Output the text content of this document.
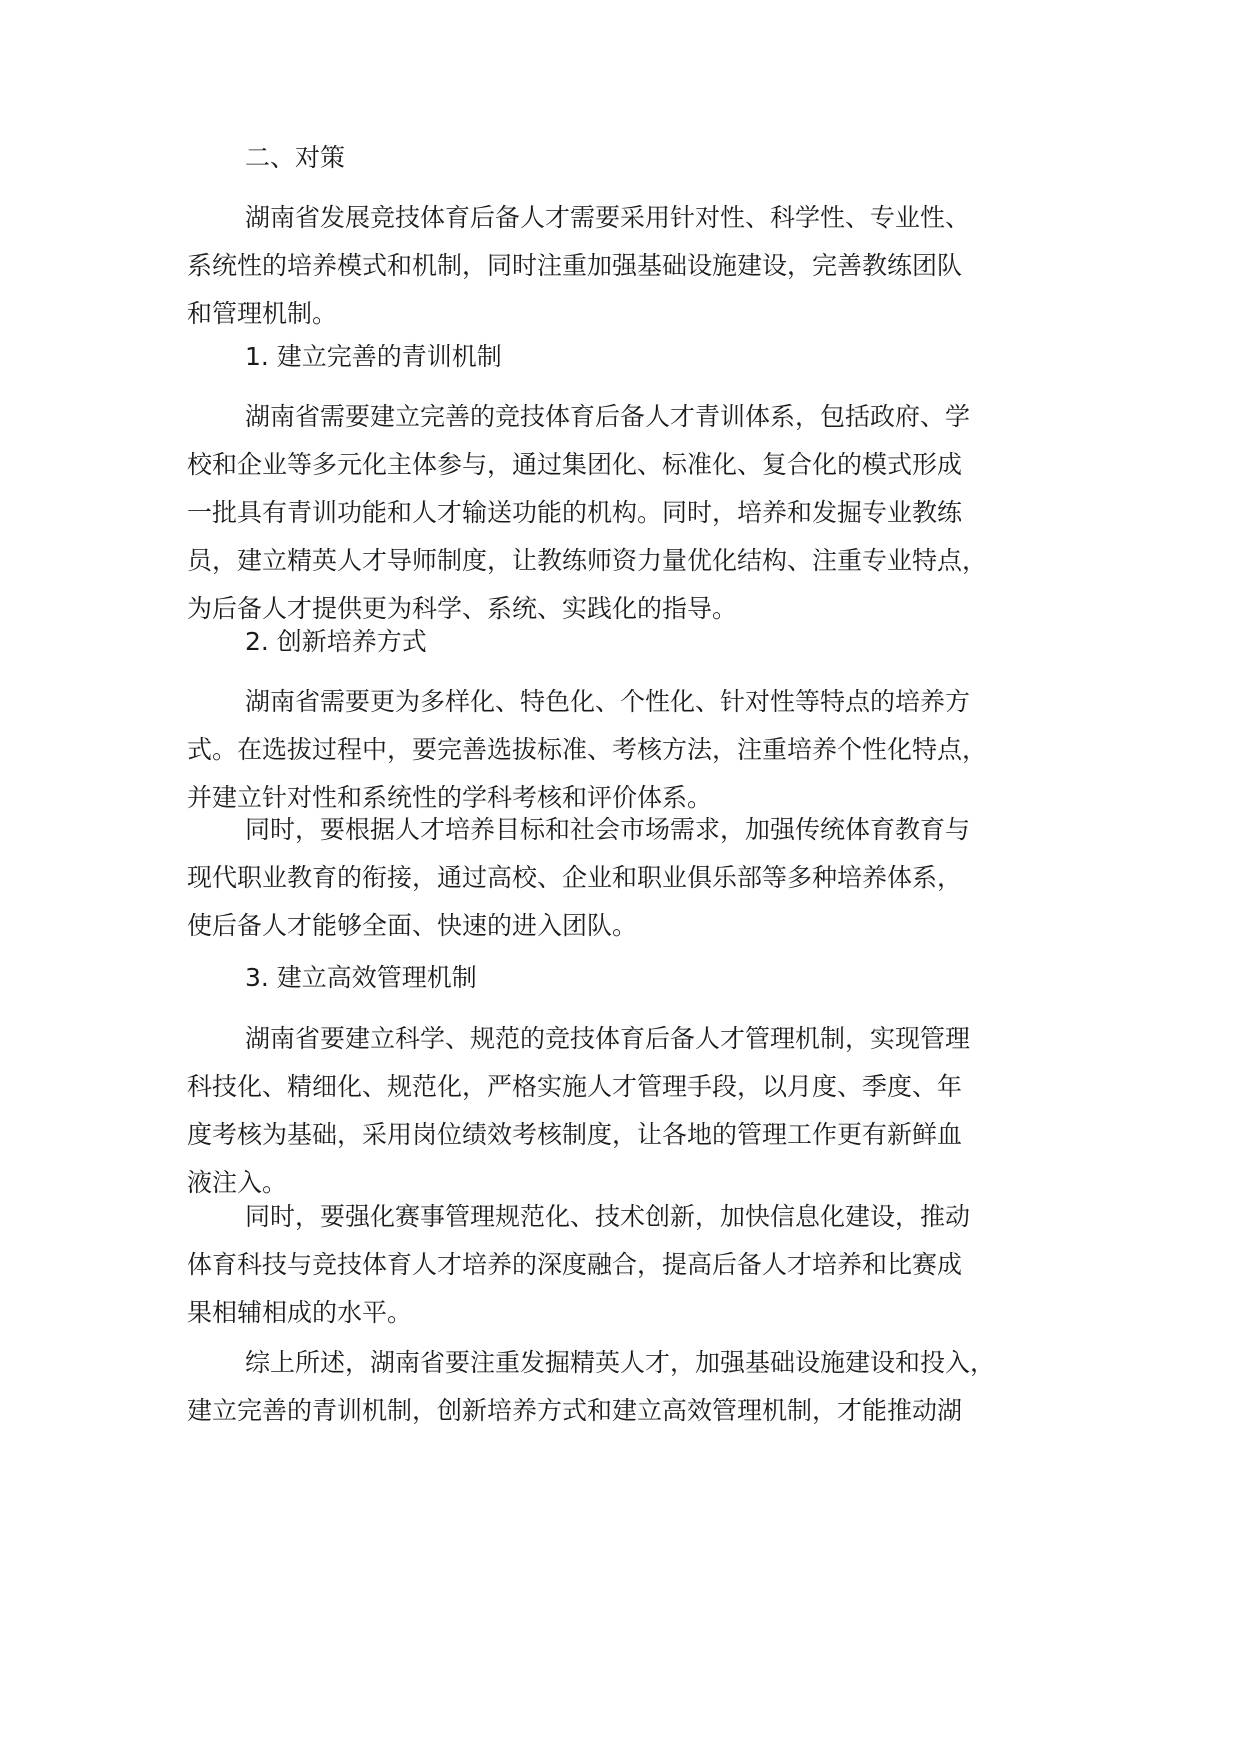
二、对策
湖南省发展竞技体育后备人才需要采用针对性、科学性、专业性、
系统性的培养模式和机制，同时注重加强基础设施建设，完善教练团队
和管理机制。
1. 建立完善的青训机制
湖南省需要建立完善的竞技体育后备人才青训体系，包括政府、学
校和企业等多元化主体参与，通过集团化、标准化、复合化的模式形成
一批具有青训功能和人才输送功能的机构。同时，培养和发掘专业教练
员，建立精英人才导师制度，让教练师资力量优化结构、注重专业特点，
为后备人才提供更为科学、系统、实践化的指导。
2. 创新培养方式
湖南省需要更为多样化、特色化、个性化、针对性等特点的培养方
式。在选拔过程中，要完善选拔标准、考核方法，注重培养个性化特点，
并建立针对性和系统性的学科考核和评价体系。
同时，要根据人才培养目标和社会市场需求，加强传统体育教育与
现代职业教育的衔接，通过高校、企业和职业俱乐部等多种培养体系，
使后备人才能够全面、快速的进入团队。
3. 建立高效管理机制
湖南省要建立科学、规范的竞技体育后备人才管理机制，实现管理
科技化、精细化、规范化，严格实施人才管理手段，以月度、季度、年
度考核为基础，采用岗位绩效考核制度，让各地的管理工作更有新鲜血
液注入。
同时，要强化赛事管理规范化、技术创新，加快信息化建设，推动
体育科技与竞技体育人才培养的深度融合，提高后备人才培养和比赛成
果相辅相成的水平。
综上所述，湖南省要注重发掘精英人才，加强基础设施建设和投入，
建立完善的青训机制，创新培养方式和建立高效管理机制，才能推动湖
